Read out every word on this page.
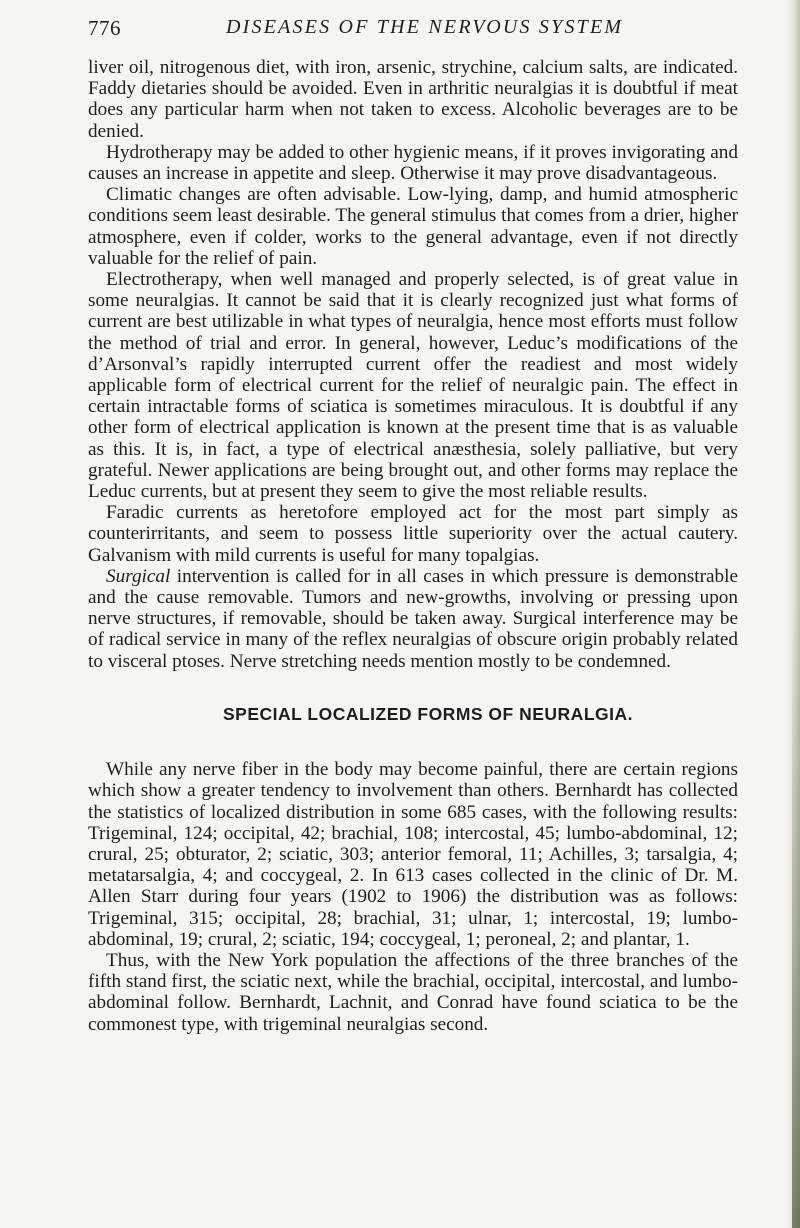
776	DISEASES OF THE NERVOUS SYSTEM

liver oil, nitrogenous diet, with iron, arsenic, strychine, calcium salts, are indicated. Faddy dietaries should be avoided. Even in arthritic neuralgias it is doubtful if meat does any particular harm when not taken to excess. Alcoholic beverages are to be denied.

Hydrotherapy may be added to other hygienic means, if it proves invigorating and causes an increase in appetite and sleep. Otherwise it may prove disadvantageous.

Climatic changes are often advisable. Low-lying, damp, and humid atmospheric conditions seem least desirable. The general stimulus that comes from a drier, higher atmosphere, even if colder, works to the general advantage, even if not directly valuable for the relief of pain.

Electrotherapy, when well managed and properly selected, is of great value in some neuralgias. It cannot be said that it is clearly recognized just what forms of current are best utilizable in what types of neuralgia, hence most efforts must follow the method of trial and error. In general, however, Leduc’s modifications of the d’Arsonval’s rapidly interrupted current offer the readiest and most widely applicable form of electrical current for the relief of neuralgic pain. The effect in certain intractable forms of sciatica is sometimes miraculous. It is doubtful if any other form of electrical application is known at the present time that is as valuable as this. It is, in fact, a type of electrical anæsthesia, solely palliative, but very grateful. Newer applications are being brought out, and other forms may replace the Leduc currents, but at present they seem to give the most reliable results.

Faradic currents as heretofore employed act for the most part simply as counterirritants, and seem to possess little superiority over the actual cautery. Galvanism with mild currents is useful for many topalgias.

Surgical intervention is called for in all cases in which pressure is demonstrable and the cause removable. Tumors and new-growths, involving or pressing upon nerve structures, if removable, should be taken away. Surgical interference may be of radical service in many of the reflex neuralgias of obscure origin probably related to visceral ptoses. Nerve stretching needs mention mostly to be condemned.

SPECIAL LOCALIZED FORMS OF NEURALGIA.

While any nerve fiber in the body may become painful, there are certain regions which show a greater tendency to involvement than others. Bernhardt has collected the statistics of localized distribution in some 685 cases, with the following results: Trigeminal, 124; occipital, 42; brachial, 108; intercostal, 45; lumbo-abdominal, 12; crural, 25; obturator, 2; sciatic, 303; anterior femoral, 11; Achilles, 3; tarsalgia, 4; metatarsalgia, 4; and coccygeal, 2. In 613 cases collected in the clinic of Dr. M. Allen Starr during four years (1902 to 1906) the distribution was as follows: Trigeminal, 315; occipital, 28; brachial, 31; ulnar, 1; intercostal, 19; lumbo-abdominal, 19; crural, 2; sciatic, 194; coccygeal, 1; peroneal, 2; and plantar, 1.

Thus, with the New York population the affections of the three branches of the fifth stand first, the sciatic next, while the brachial, occipital, intercostal, and lumbo-abdominal follow. Bernhardt, Lachnit, and Conrad have found sciatica to be the commonest type, with trigeminal neuralgias second.
